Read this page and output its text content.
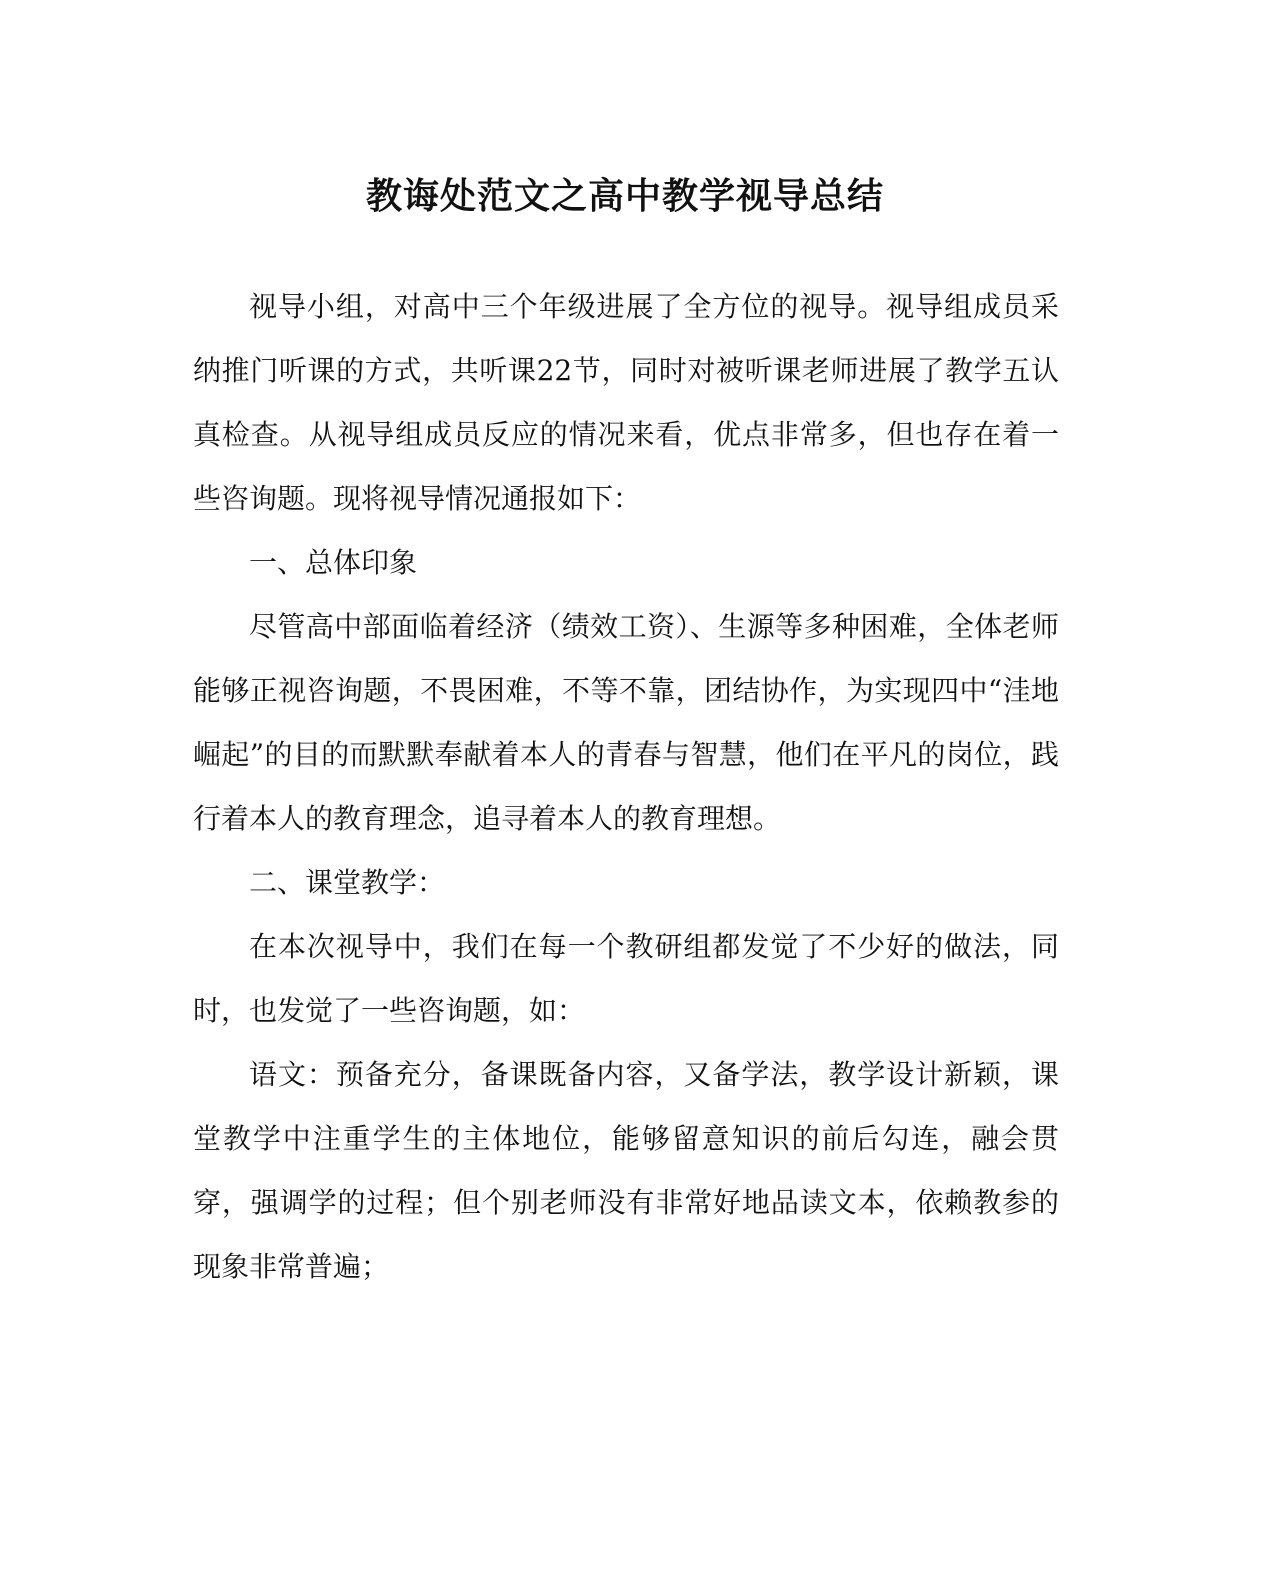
教诲处范文之高中教学视导总结

视导小组，对高中三个年级进展了全方位的视导。视导组成员采纳推门听课的方式，共听课22节，同时对被听课老师进展了教学五认真检查。从视导组成员反应的情况来看，优点非常多，但也存在着一些咨询题。现将视导情况通报如下：

一、总体印象

尽管高中部面临着经济（绩效工资）、生源等多种困难，全体老师能够正视咨询题，不畏困难，不等不靠，团结协作，为实现四中“洼地崛起”的目的而默默奉献着本人的青春与智慧，他们在平凡的岗位，践行着本人的教育理念，追寻着本人的教育理想。

二、课堂教学：

在本次视导中，我们在每一个教研组都发觉了不少好的做法，同时，也发觉了一些咨询题，如：

语文：预备充分，备课既备内容，又备学法，教学设计新颖，课堂教学中注重学生的主体地位，能够留意知识的前后勾连，融会贯穿，强调学的过程；但个别老师没有非常好地品读文本，依赖教参的现象非常普遍；
